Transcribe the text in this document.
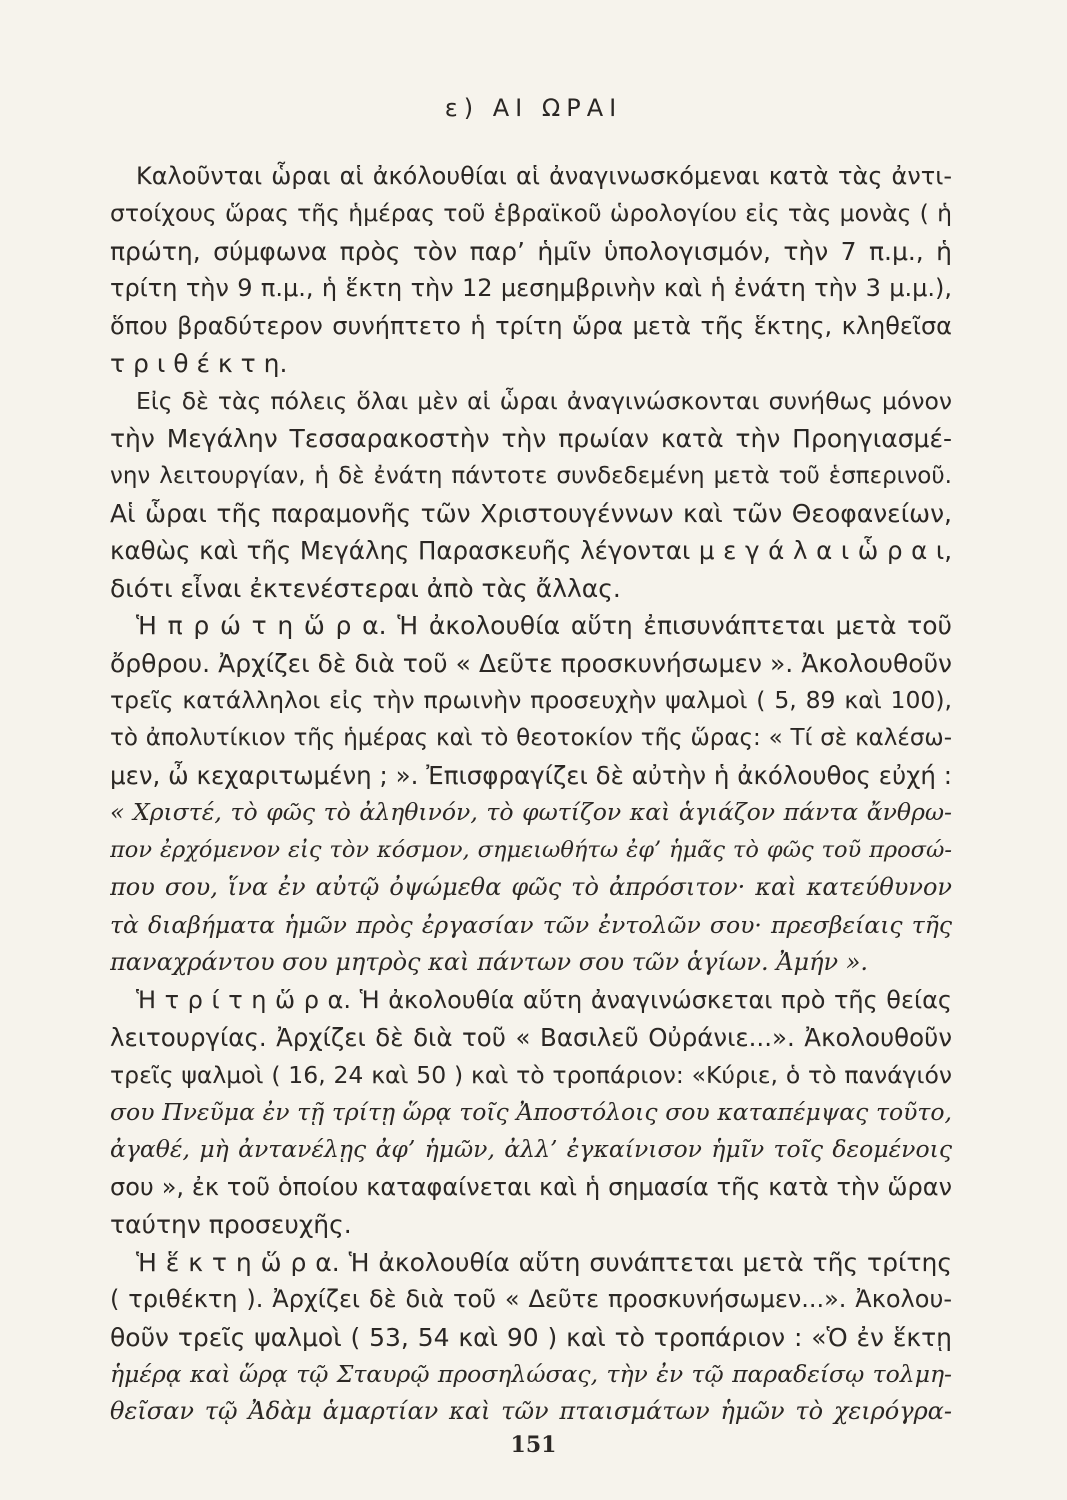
ε) ΑΙ ΩΡΑΙ
Καλοῦνται ὧραι αἱ ἀκόλουθίαι αἱ ἀναγινωσκόμεναι κατὰ τὰς ἀντι-
στοίχους ὥρας τῆς ἡμέρας τοῦ ἑβραϊκοῦ ὡρολογίου εἰς τὰς μονὰς ( ἡ
πρώτη, σύμφωνα πρὸς τὸν παρ’ ἡμῖν ὑπολογισμόν, τὴν 7 π.μ., ἡ
τρίτη τὴν 9 π.μ., ἡ ἕκτη τὴν 12 μεσημβρινὴν καὶ ἡ ἐνάτη τὴν 3 μ.μ.),
ὅπου βραδύτερον συνήπτετο ἡ τρίτη ὥρα μετὰ τῆς ἕκτης, κληθεῖσα
τ ρ ι θ έ κ τ η.
Εἰς δὲ τὰς πόλεις ὅλαι μὲν αἱ ὧραι ἀναγινώσκονται συνήθως μόνον
τὴν Μεγάλην Τεσσαρακοστὴν τὴν πρωίαν κατὰ τὴν Προηγιασμέ-
νην λειτουργίαν, ἡ δὲ ἐνάτη πάντοτε συνδεδεμένη μετὰ τοῦ ἑσπερινοῦ.
Αἱ ὧραι τῆς παραμονῆς τῶν Χριστουγέννων καὶ τῶν Θεοφανείων,
καθὼς καὶ τῆς Μεγάλης Παρασκευῆς λέγονται μ ε γ ά λ α ι ὧ ρ α ι,
διότι εἶναι ἐκτενέστεραι ἀπὸ τὰς ἄλλας.
Ἡ π ρ ώ τ η ὥ ρ α. Ἡ ἀκολουθία αὕτη ἐπισυνάπτεται μετὰ τοῦ
ὄρθρου. Ἀρχίζει δὲ διὰ τοῦ « Δεῦτε προσκυνήσωμεν ». Ἀκολουθοῦν
τρεῖς κατάλληλοι εἰς τὴν πρωινὴν προσευχὴν ψαλμοὶ ( 5, 89 καὶ 100),
τὸ ἀπολυτίκιον τῆς ἡμέρας καὶ τὸ θεοτοκίον τῆς ὥρας: « Τί σὲ καλέσω-
μεν, ὦ κεχαριτωμένη ; ». Ἐπισφραγίζει δὲ αὐτὴν ἡ ἀκόλουθος εὐχή :
« Χριστέ, τὸ φῶς τὸ ἀληθινόν, τὸ φωτίζον καὶ ἁγιάζον πάντα ἄνθρω-
πον ἐρχόμενον εἰς τὸν κόσμον, σημειωθήτω ἐφ’ ἡμᾶς τὸ φῶς τοῦ προσώ-
που σου, ἵνα ἐν αὐτῷ ὀψώμεθα φῶς τὸ ἀπρόσιτον· καὶ κατεύθυνον
τὰ διαβήματα ἡμῶν πρὸς ἐργασίαν τῶν ἐντολῶν σου· πρεσβείαις τῆς
παναχράντου σου μητρὸς καὶ πάντων σου τῶν ἁγίων. Ἀμήν ».
Ἡ τ ρ ί τ η ὥ ρ α. Ἡ ἀκολουθία αὕτη ἀναγινώσκεται πρὸ τῆς θείας
λειτουργίας. Ἀρχίζει δὲ διὰ τοῦ « Βασιλεῦ Οὐράνιε...». Ἀκολουθοῦν
τρεῖς ψαλμοὶ ( 16, 24 καὶ 50 ) καὶ τὸ τροπάριον: «Κύριε, ὁ τὸ πανάγιόν
σου Πνεῦμα ἐν τῇ τρίτῃ ὥρᾳ τοῖς Ἀποστόλοις σου καταπέμψας τοῦτο,
ἀγαθέ, μὴ ἀντανέλῃς ἀφ’ ἡμῶν, ἀλλ’ ἐγκαίνισον ἡμῖν τοῖς δεομένοις
σου », ἐκ τοῦ ὁποίου καταφαίνεται καὶ ἡ σημασία τῆς κατὰ τὴν ὥραν
ταύτην προσευχῆς.
Ἡ ἕ κ τ η ὥ ρ α. Ἡ ἀκολουθία αὕτη συνάπτεται μετὰ τῆς τρίτης
( τριθέκτη ). Ἀρχίζει δὲ διὰ τοῦ « Δεῦτε προσκυνήσωμεν...». Ἀκολου-
θοῦν τρεῖς ψαλμοὶ ( 53, 54 καὶ 90 ) καὶ τὸ τροπάριον : «Ὁ ἐν ἕκτῃ
ἡμέρᾳ καὶ ὥρᾳ τῷ Σταυρῷ προσηλώσας, τὴν ἐν τῷ παραδείσῳ τολμη-
θεῖσαν τῷ Ἀδὰμ ἁμαρτίαν καὶ τῶν πταισμάτων ἡμῶν τὸ χειρόγρα-
151
